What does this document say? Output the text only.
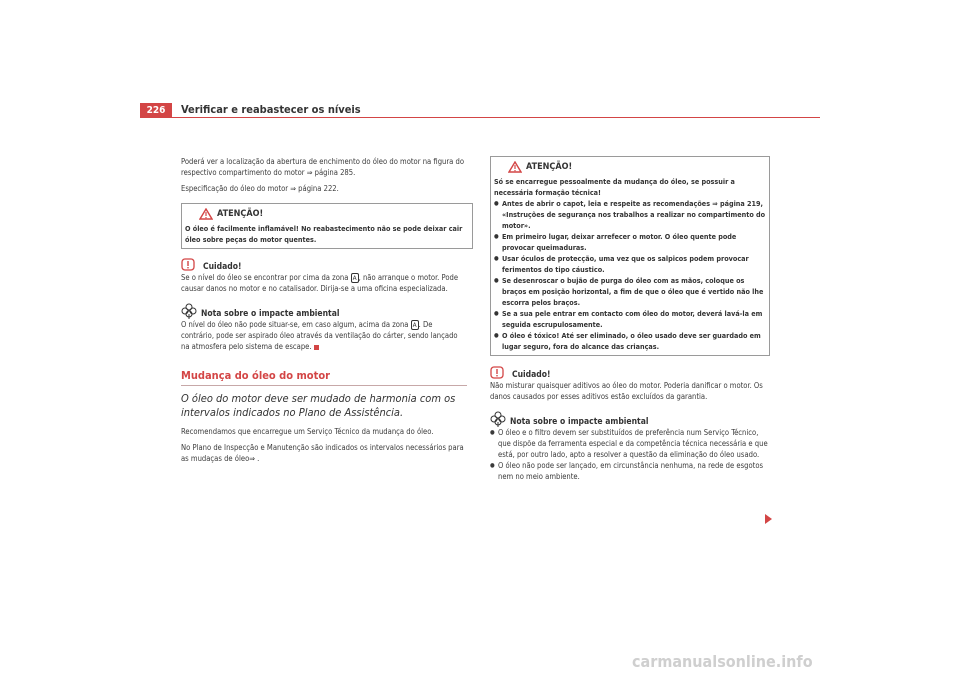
226	Verificar e reabastecer os níveis

Poderá ver a localização da abertura de enchimento do óleo do motor na figura do respectivo compartimento do motor ⇒ página 285.

Especificação do óleo do motor ⇒ página 222.

ATENÇÃO!
O óleo é facilmente inflamável! No reabastecimento não se pode deixar cair óleo sobre peças do motor quentes.
Cuidado!

Se o nível do óleo se encontrar por cima da zona A , não arranque o motor. Pode causar danos no motor e no catalisador. Dirija-se a uma oficina especializada.

Nota sobre o impacte ambiental

O nível do óleo não pode situar-se, em caso algum, acima da zona A . De contrário, pode ser aspirado óleo através da ventilação do cárter, sendo lançado na atmosfera pelo sistema de escape.

Mudança do óleo do motor
O óleo do motor deve ser mudado de harmonia com os intervalos indicados no Plano de Assistência.

Recomendamos que encarregue um Serviço Técnico da mudança do óleo.

No Plano de Inspecção e Manutenção são indicados os intervalos necessários para as mudaças de óleo⇒ .

ATENÇÃO!
Só se encarregue pessoalmente da mudança do óleo, se possuir a necessária formação técnica!
● Antes de abrir o capot, leia e respeite as recomendações ⇒ página 219, «Instruções de segurança nos trabalhos a realizar no compartimento do motor».
● Em primeiro lugar, deixar arrefecer o motor. O óleo quente pode provocar queimaduras.
● Usar óculos de protecção, uma vez que os salpicos podem provocar ferimentos do tipo cáustico.
● Se desenroscar o bujão de purga do óleo com as mãos, coloque os braços em posição horizontal, a fim de que o óleo que é vertido não lhe escorra pelos braços.
● Se a sua pele entrar em contacto com óleo do motor, deverá lavá-la em seguida escrupulosamente.
● O óleo é tóxico! Até ser eliminado, o óleo usado deve ser guardado em lugar seguro, fora do alcance das crianças.
Cuidado!

Não misturar quaisquer aditivos ao óleo do motor. Poderia danificar o motor. Os danos causados por esses aditivos estão excluídos da garantia.

Nota sobre o impacte ambiental
● O óleo e o filtro devem ser substituídos de preferência num Serviço Técnico, que dispõe da ferramenta especial e da competência técnica necessária e que está, por outro lado, apto a resolver a questão da eliminação do óleo usado.
● O óleo não pode ser lançado, em circunstância nenhuma, na rede de esgotos nem no meio ambiente.
carmanualsonline.info
